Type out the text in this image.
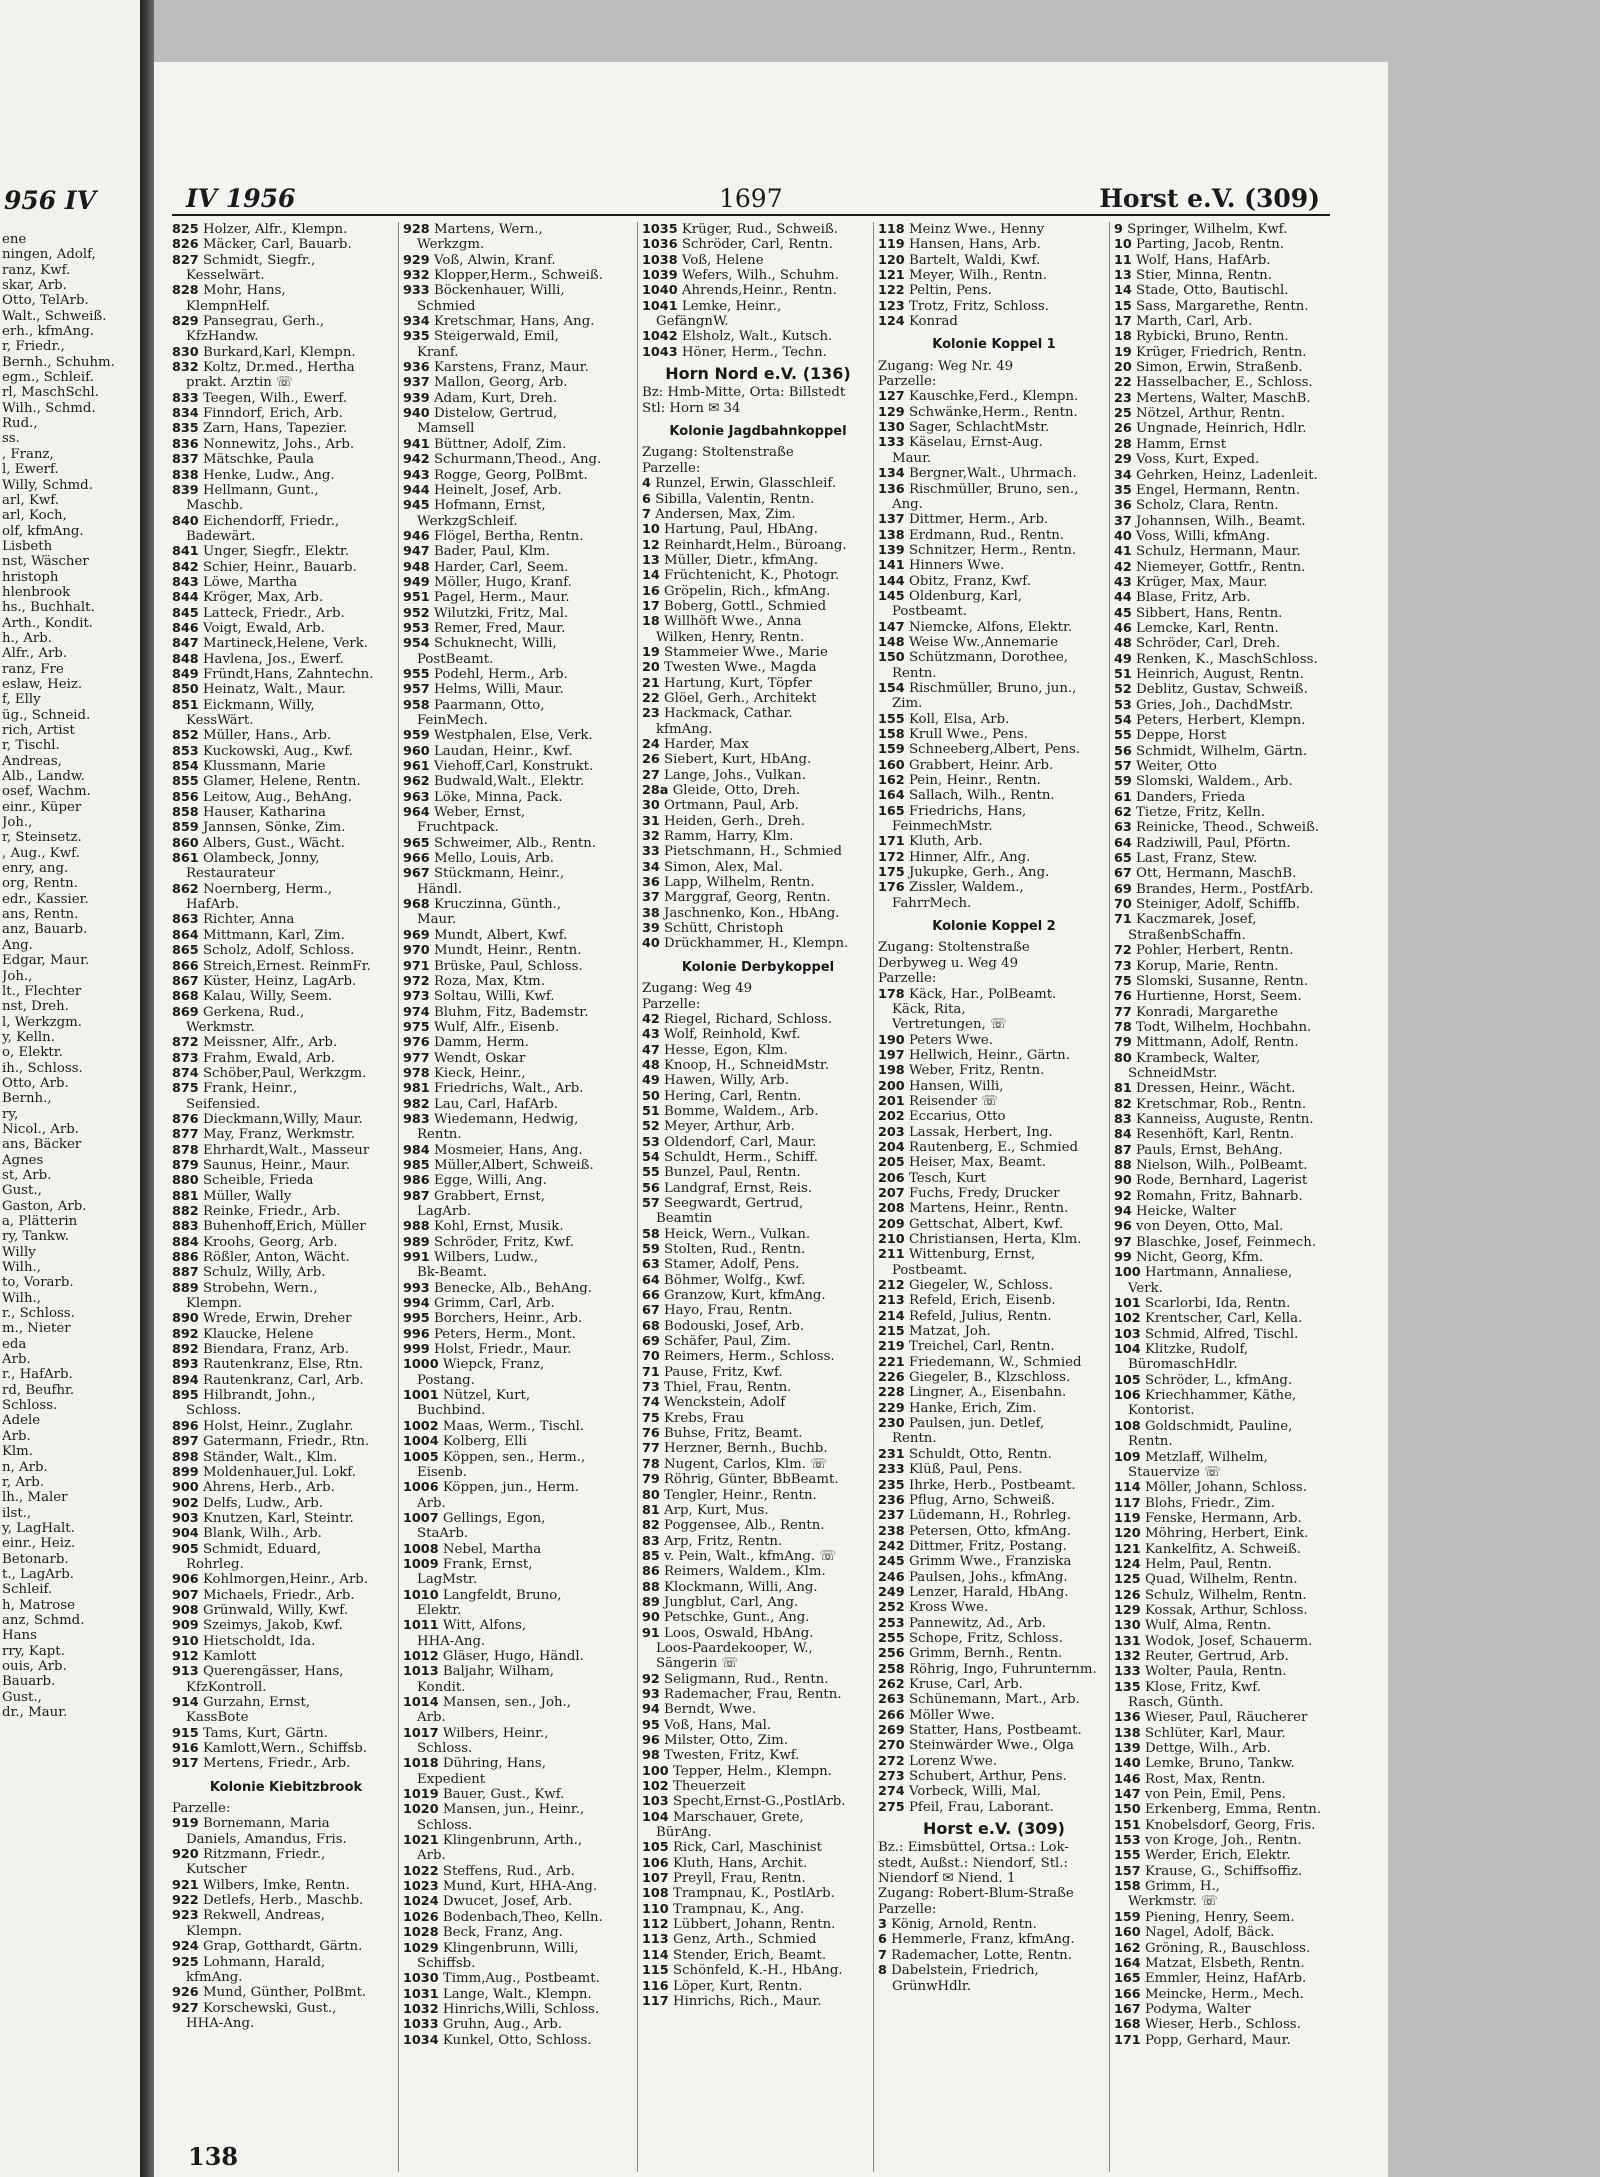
956 IV
ene
ningen, Adolf,
ranz, Kwf.
skar, Arb.
Otto, TelArb.
Walt., Schweiß.
erh., kfmAng.
r, Friedr.,
Bernh., Schuhm.
egm., Schleif.
rl, MaschSchl.
Wilh., Schmd.
Rud.,
ss.
, Franz,
l, Ewerf.
Willy, Schmd.
arl, Kwf.
arl, Koch,
olf, kfmAng.
Lisbeth
nst, Wäscher
hristoph
hlenbrook
hs., Buchhalt.
Arth., Kondit.
h., Arb.
Alfr., Arb.
ranz, Fre
eslaw, Heiz.
f, Elly
üg., Schneid.
rich, Artist
r, Tischl.
Andreas,
Alb., Landw.
osef, Wachm.
einr., Küper
Joh.,
r, Steinsetz.
, Aug., Kwf.
enry, ang.
org, Rentn.
edr., Kassier.
ans, Rentn.
anz, Bauarb.
Ang.
Edgar, Maur.
Joh.,
lt., Flechter
nst, Dreh.
l, Werkzgm.
y, Kelln.
o, Elektr.
ih., Schloss.
Otto, Arb.
Bernh.,
ry,
Nicol., Arb.
ans, Bäcker
Agnes
st, Arb.
Gust.,
Gaston, Arb.
a, Plätterin
ry, Tankw.
Willy
Wilh.,
to, Vorarb.
Wilh.,
r., Schloss.
m., Nieter
eda
Arb.
r., HafArb.
rd, Beufhr.
Schloss.
Adele
Arb.
Klm.
n, Arb.
r, Arb.
lh., Maler
ilst.,
y, LagHalt.
einr., Heiz.
Betonarb.
t., LagArb.
Schleif.
h, Matrose
anz, Schmd.
Hans
rry, Kapt.
ouis, Arb.
Bauarb.
Gust.,
dr., Maur.
IV 1956	1697	Horst e.V. (309)
825 Holzer, Alfr., Klempn.
826 Mäcker, Carl, Bauarb.
827 Schmidt, Siegfr.,
Kesselwärt.
828 Mohr, Hans,
KlempnHelf.
829 Pansegrau, Gerh.,
KfzHandw.
830 Burkard,Karl, Klempn.
832 Koltz, Dr.med., Hertha
prakt. Arztin ☏
833 Teegen, Wilh., Ewerf.
834 Finndorf, Erich, Arb.
835 Zarn, Hans, Tapezier.
836 Nonnewitz, Johs., Arb.
837 Mätschke, Paula
838 Henke, Ludw., Ang.
839 Hellmann, Gunt.,
Maschb.
840 Eichendorff, Friedr.,
Badewärt.
841 Unger, Siegfr., Elektr.
842 Schier, Heinr., Bauarb.
843 Löwe, Martha
844 Kröger, Max, Arb.
845 Latteck, Friedr., Arb.
846 Voigt, Ewald, Arb.
847 Martineck,Helene, Verk.
848 Havlena, Jos., Ewerf.
849 Fründt,Hans, Zahntechn.
850 Heinatz, Walt., Maur.
851 Eickmann, Willy,
KessWärt.
852 Müller, Hans., Arb.
853 Kuckowski, Aug., Kwf.
854 Klussmann, Marie
855 Glamer, Helene, Rentn.
856 Leitow, Aug., BehAng.
858 Hauser, Katharina
859 Jannsen, Sönke, Zim.
860 Albers, Gust., Wächt.
861 Olambeck, Jonny,
Restaurateur
862 Noernberg, Herm.,
HafArb.
863 Richter, Anna
864 Mittmann, Karl, Zim.
865 Scholz, Adolf, Schloss.
866 Streich,Ernest. ReinmFr.
867 Küster, Heinz, LagArb.
868 Kalau, Willy, Seem.
869 Gerkena, Rud.,
Werkmstr.
872 Meissner, Alfr., Arb.
873 Frahm, Ewald, Arb.
874 Schöber,Paul, Werkzgm.
875 Frank, Heinr.,
Seifensied.
876 Dieckmann,Willy, Maur.
877 May, Franz, Werkmstr.
878 Ehrhardt,Walt., Masseur
879 Saunus, Heinr., Maur.
880 Scheible, Frieda
881 Müller, Wally
882 Reinke, Friedr., Arb.
883 Buhenhoff,Erich, Müller
884 Kroohs, Georg, Arb.
886 Rößler, Anton, Wächt.
887 Schulz, Willy, Arb.
889 Strobehn, Wern.,
Klempn.
890 Wrede, Erwin, Dreher
892 Klaucke, Helene
892 Biendara, Franz, Arb.
893 Rautenkranz, Else, Rtn.
894 Rautenkranz, Carl, Arb.
895 Hilbrandt, John.,
Schloss.
896 Holst, Heinr., Zuglahr.
897 Gatermann, Friedr., Rtn.
898 Ständer, Walt., Klm.
899 Moldenhauer,Jul. Lokf.
900 Ahrens, Herb., Arb.
902 Delfs, Ludw., Arb.
903 Knutzen, Karl, Steintr.
904 Blank, Wilh., Arb.
905 Schmidt, Eduard,
Rohrleg.
906 Kohlmorgen,Heinr., Arb.
907 Michaels, Friedr., Arb.
908 Grünwald, Willy, Kwf.
909 Szeimys, Jakob, Kwf.
910 Hietscholdt, Ida.
912 Kamlott
913 Querengässer, Hans,
KfzKontroll.
914 Gurzahn, Ernst,
KassBote
915 Tams, Kurt, Gärtn.
916 Kamlott,Wern., Schiffsb.
917 Mertens, Friedr., Arb.
Kolonie Kiebitzbrook
Parzelle:
919 Bornemann, Maria
Daniels, Amandus, Fris.
920 Ritzmann, Friedr.,
Kutscher
921 Wilbers, Imke, Rentn.
922 Detlefs, Herb., Maschb.
923 Rekwell, Andreas,
Klempn.
924 Grap, Gotthardt, Gärtn.
925 Lohmann, Harald,
kfmAng.
926 Mund, Günther, PolBmt.
927 Korschewski, Gust.,
HHA-Ang.
928 Martens, Wern.,
Werkzgm.
929 Voß, Alwin, Kranf.
932 Klopper,Herm., Schweiß.
933 Böckenhauer, Willi,
Schmied
934 Kretschmar, Hans, Ang.
935 Steigerwald, Emil,
Kranf.
936 Karstens, Franz, Maur.
937 Mallon, Georg, Arb.
939 Adam, Kurt, Dreh.
940 Distelow, Gertrud,
Mamsell
941 Büttner, Adolf, Zim.
942 Schurmann,Theod., Ang.
943 Rogge, Georg, PolBmt.
944 Heinelt, Josef, Arb.
945 Hofmann, Ernst,
WerkzgSchleif.
946 Flögel, Bertha, Rentn.
947 Bader, Paul, Klm.
948 Harder, Carl, Seem.
949 Möller, Hugo, Kranf.
951 Pagel, Herm., Maur.
952 Wilutzki, Fritz, Mal.
953 Remer, Fred, Maur.
954 Schuknecht, Willi,
PostBeamt.
955 Podehl, Herm., Arb.
957 Helms, Willi, Maur.
958 Paarmann, Otto,
FeinMech.
959 Westphalen, Else, Verk.
960 Laudan, Heinr., Kwf.
961 Viehoff,Carl, Konstrukt.
962 Budwald,Walt., Elektr.
963 Löke, Minna, Pack.
964 Weber, Ernst,
Fruchtpack.
965 Schweimer, Alb., Rentn.
966 Mello, Louis, Arb.
967 Stückmann, Heinr.,
Händl.
968 Kruczinna, Günth.,
Maur.
969 Mundt, Albert, Kwf.
970 Mundt, Heinr., Rentn.
971 Brüske, Paul, Schloss.
972 Roza, Max, Ktm.
973 Soltau, Willi, Kwf.
974 Bluhm, Fitz, Bademstr.
975 Wulf, Alfr., Eisenb.
976 Damm, Herm.
977 Wendt, Oskar
978 Kieck, Heinr.,
981 Friedrichs, Walt., Arb.
982 Lau, Carl, HafArb.
983 Wiedemann, Hedwig,
Rentn.
984 Mosmeier, Hans, Ang.
985 Müller,Albert, Schweiß.
986 Egge, Willi, Ang.
987 Grabbert, Ernst,
LagArb.
988 Kohl, Ernst, Musik.
989 Schröder, Fritz, Kwf.
991 Wilbers, Ludw.,
Bk-Beamt.
993 Benecke, Alb., BehAng.
994 Grimm, Carl, Arb.
995 Borchers, Heinr., Arb.
996 Peters, Herm., Mont.
999 Holst, Friedr., Maur.
1000 Wiepck, Franz,
Postang.
1001 Nützel, Kurt,
Buchbind.
1002 Maas, Werm., Tischl.
1004 Kolberg, Elli
1005 Köppen, sen., Herm.,
Eisenb.
1006 Köppen, jun., Herm.
Arb.
1007 Gellings, Egon,
StaArb.
1008 Nebel, Martha
1009 Frank, Ernst,
LagMstr.
1010 Langfeldt, Bruno,
Elektr.
1011 Witt, Alfons,
HHA-Ang.
1012 Gläser, Hugo, Händl.
1013 Baljahr, Wilham,
Kondit.
1014 Mansen, sen., Joh.,
Arb.
1017 Wilbers, Heinr.,
Schloss.
1018 Dühring, Hans,
Expedient
1019 Bauer, Gust., Kwf.
1020 Mansen, jun., Heinr.,
Schloss.
1021 Klingenbrunn, Arth.,
Arb.
1022 Steffens, Rud., Arb.
1023 Mund, Kurt, HHA-Ang.
1024 Dwucet, Josef, Arb.
1026 Bodenbach,Theo, Kelln.
1028 Beck, Franz, Ang.
1029 Klingenbrunn, Willi,
Schiffsb.
1030 Timm,Aug., Postbeamt.
1031 Lange, Walt., Klempn.
1032 Hinrichs,Willi, Schloss.
1033 Gruhn, Aug., Arb.
1034 Kunkel, Otto, Schloss.
1035 Krüger, Rud., Schweiß.
1036 Schröder, Carl, Rentn.
1038 Voß, Helene
1039 Wefers, Wilh., Schuhm.
1040 Ahrends,Heinr., Rentn.
1041 Lemke, Heinr.,
GefängnW.
1042 Elsholz, Walt., Kutsch.
1043 Höner, Herm., Techn.
Horn Nord e.V. (136)
Bz: Hmb-Mitte, Orta: Billstedt
Stl: Horn ✉ 34
Kolonie Jagdbahnkoppel
Zugang: Stoltenstraße
Parzelle:
4 Runzel, Erwin, Glasschleif.
6 Sibilla, Valentin, Rentn.
7 Andersen, Max, Zim.
10 Hartung, Paul, HbAng.
12 Reinhardt,Helm., Büroang.
13 Müller, Dietr., kfmAng.
14 Früchtenicht, K., Photogr.
16 Gröpelin, Rich., kfmAng.
17 Boberg, Gottl., Schmied
18 Willhöft Wwe., Anna
Wilken, Henry, Rentn.
19 Stammeier Wwe., Marie
20 Twesten Wwe., Magda
21 Hartung, Kurt, Töpfer
22 Glöel, Gerh., Architekt
23 Hackmack, Cathar.
kfmAng.
24 Harder, Max
26 Siebert, Kurt, HbAng.
27 Lange, Johs., Vulkan.
28a Gleide, Otto, Dreh.
30 Ortmann, Paul, Arb.
31 Heiden, Gerh., Dreh.
32 Ramm, Harry, Klm.
33 Pietschmann, H., Schmied
34 Simon, Alex, Mal.
36 Lapp, Wilhelm, Rentn.
37 Marggraf, Georg, Rentn.
38 Jaschnenko, Kon., HbAng.
39 Schütt, Christoph
40 Drückhammer, H., Klempn.
Kolonie Derbykoppel
Zugang: Weg 49
Parzelle:
42 Riegel, Richard, Schloss.
43 Wolf, Reinhold, Kwf.
47 Hesse, Egon, Klm.
48 Knoop, H., SchneidMstr.
49 Hawen, Willy, Arb.
50 Hering, Carl, Rentn.
51 Bomme, Waldem., Arb.
52 Meyer, Arthur, Arb.
53 Oldendorf, Carl, Maur.
54 Schuldt, Herm., Schiff.
55 Bunzel, Paul, Rentn.
56 Landgraf, Ernst, Reis.
57 Seegwardt, Gertrud,
Beamtin
58 Heick, Wern., Vulkan.
59 Stolten, Rud., Rentn.
63 Stamer, Adolf, Pens.
64 Böhmer, Wolfg., Kwf.
66 Granzow, Kurt, kfmAng.
67 Hayo, Frau, Rentn.
68 Bodouski, Josef, Arb.
69 Schäfer, Paul, Zim.
70 Reimers, Herm., Schloss.
71 Pause, Fritz, Kwf.
73 Thiel, Frau, Rentn.
74 Wenckstein, Adolf
75 Krebs, Frau
76 Buhse, Fritz, Beamt.
77 Herzner, Bernh., Buchb.
78 Nugent, Carlos, Klm. ☏
79 Röhrig, Günter, BbBeamt.
80 Tengler, Heinr., Rentn.
81 Arp, Kurt, Mus.
82 Poggensee, Alb., Rentn.
83 Arp, Fritz, Rentn.
85 v. Pein, Walt., kfmAng. ☏
86 Reimers, Waldem., Klm.
88 Klockmann, Willi, Ang.
89 Jungblut, Carl, Ang.
90 Petschke, Gunt., Ang.
91 Loos, Oswald, HbAng.
Loos-Paardekooper, W.,
Sängerin ☏
92 Seligmann, Rud., Rentn.
93 Rademacher, Frau, Rentn.
94 Berndt, Wwe.
95 Voß, Hans, Mal.
96 Milster, Otto, Zim.
98 Twesten, Fritz, Kwf.
100 Tepper, Helm., Klempn.
102 Theuerzeit
103 Specht,Ernst-G.,PostlArb.
104 Marschauer, Grete,
BürAng.
105 Rick, Carl, Maschinist
106 Kluth, Hans, Archit.
107 Preyll, Frau, Rentn.
108 Trampnau, K., PostlArb.
110 Trampnau, K., Ang.
112 Lübbert, Johann, Rentn.
113 Genz, Arth., Schmied
114 Stender, Erich, Beamt.
115 Schönfeld, K.-H., HbAng.
116 Löper, Kurt, Rentn.
117 Hinrichs, Rich., Maur.
118 Meinz Wwe., Henny
119 Hansen, Hans, Arb.
120 Bartelt, Waldi, Kwf.
121 Meyer, Wilh., Rentn.
122 Peltin, Pens.
123 Trotz, Fritz, Schloss.
124 Konrad
Kolonie Koppel 1
Zugang: Weg Nr. 49
Parzelle:
127 Kauschke,Ferd., Klempn.
129 Schwänke,Herm., Rentn.
130 Sager, SchlachtMstr.
133 Käselau, Ernst-Aug.
Maur.
134 Bergner,Walt., Uhrmach.
136 Rischmüller, Bruno, sen.,
Ang.
137 Dittmer, Herm., Arb.
138 Erdmann, Rud., Rentn.
139 Schnitzer, Herm., Rentn.
141 Hinners Wwe.
144 Obitz, Franz, Kwf.
145 Oldenburg, Karl,
Postbeamt.
147 Niemcke, Alfons, Elektr.
148 Weise Ww.,Annemarie
150 Schützmann, Dorothee,
Rentn.
154 Rischmüller, Bruno, jun.,
Zim.
155 Koll, Elsa, Arb.
158 Krull Wwe., Pens.
159 Schneeberg,Albert, Pens.
160 Grabbert, Heinr. Arb.
162 Pein, Heinr., Rentn.
164 Sallach, Wilh., Rentn.
165 Friedrichs, Hans,
FeinmechMstr.
171 Kluth, Arb.
172 Hinner, Alfr., Ang.
175 Jukupke, Gerh., Ang.
176 Zissler, Waldem.,
FahrrMech.
Kolonie Koppel 2
Zugang: Stoltenstraße
Derbyweg u. Weg 49
Parzelle:
178 Käck, Har., PolBeamt.
Käck, Rita,
Vertretungen, ☏
190 Peters Wwe.
197 Hellwich, Heinr., Gärtn.
198 Weber, Fritz, Rentn.
200 Hansen, Willi,
201 Reisender ☏
202 Eccarius, Otto
203 Lassak, Herbert, Ing.
204 Rautenberg, E., Schmied
205 Heiser, Max, Beamt.
206 Tesch, Kurt
207 Fuchs, Fredy, Drucker
208 Martens, Heinr., Rentn.
209 Gettschat, Albert, Kwf.
210 Christiansen, Herta, Klm.
211 Wittenburg, Ernst,
Postbeamt.
212 Giegeler, W., Schloss.
213 Refeld, Erich, Eisenb.
214 Refeld, Julius, Rentn.
215 Matzat, Joh.
219 Treichel, Carl, Rentn.
221 Friedemann, W., Schmied
226 Giegeler, B., Klzschloss.
228 Lingner, A., Eisenbahn.
229 Hanke, Erich, Zim.
230 Paulsen, jun. Detlef,
Rentn.
231 Schuldt, Otto, Rentn.
233 Klüß, Paul, Pens.
235 Ihrke, Herb., Postbeamt.
236 Pflug, Arno, Schweiß.
237 Lüdemann, H., Rohrleg.
238 Petersen, Otto, kfmAng.
242 Dittmer, Fritz, Postang.
245 Grimm Wwe., Franziska
246 Paulsen, Johs., kfmAng.
249 Lenzer, Harald, HbAng.
252 Kross Wwe.
253 Pannewitz, Ad., Arb.
255 Schope, Fritz, Schloss.
256 Grimm, Bernh., Rentn.
258 Röhrig, Ingo, Fuhrunternm.
262 Kruse, Carl, Arb.
263 Schünemann, Mart., Arb.
266 Möller Wwe.
269 Statter, Hans, Postbeamt.
270 Steinwärder Wwe., Olga
272 Lorenz Wwe.
273 Schubert, Arthur, Pens.
274 Vorbeck, Willi, Mal.
275 Pfeil, Frau, Laborant.
Horst e.V. (309)
Bz.: Eimsbüttel, Ortsa.: Lok-
stedt, Außst.: Niendorf, Stl.:
Niendorf ✉ Niend. 1
Zugang: Robert-Blum-Straße
Parzelle:
3 König, Arnold, Rentn.
6 Hemmerle, Franz, kfmAng.
7 Rademacher, Lotte, Rentn.
8 Dabelstein, Friedrich,
GrünwHdlr.
9 Springer, Wilhelm, Kwf.
10 Parting, Jacob, Rentn.
11 Wolf, Hans, HafArb.
13 Stier, Minna, Rentn.
14 Stade, Otto, Bautischl.
15 Sass, Margarethe, Rentn.
17 Marth, Carl, Arb.
18 Rybicki, Bruno, Rentn.
19 Krüger, Friedrich, Rentn.
20 Simon, Erwin, Straßenb.
22 Hasselbacher, E., Schloss.
23 Mertens, Walter, MaschB.
25 Nötzel, Arthur, Rentn.
26 Ungnade, Heinrich, Hdlr.
28 Hamm, Ernst
29 Voss, Kurt, Exped.
34 Gehrken, Heinz, Ladenleit.
35 Engel, Hermann, Rentn.
36 Scholz, Clara, Rentn.
37 Johannsen, Wilh., Beamt.
40 Voss, Willi, kfmAng.
41 Schulz, Hermann, Maur.
42 Niemeyer, Gottfr., Rentn.
43 Krüger, Max, Maur.
44 Blase, Fritz, Arb.
45 Sibbert, Hans, Rentn.
46 Lemcke, Karl, Rentn.
48 Schröder, Carl, Dreh.
49 Renken, K., MaschSchloss.
51 Heinrich, August, Rentn.
52 Deblitz, Gustav, Schweiß.
53 Gries, Joh., DachdMstr.
54 Peters, Herbert, Klempn.
55 Deppe, Horst
56 Schmidt, Wilhelm, Gärtn.
57 Weiter, Otto
59 Slomski, Waldem., Arb.
61 Danders, Frieda
62 Tietze, Fritz, Kelln.
63 Reinicke, Theod., Schweiß.
64 Radziwill, Paul, Pförtn.
65 Last, Franz, Stew.
67 Ott, Hermann, MaschB.
69 Brandes, Herm., PostfArb.
70 Steiniger, Adolf, Schiffb.
71 Kaczmarek, Josef,
StraßenbSchaffn.
72 Pohler, Herbert, Rentn.
73 Korup, Marie, Rentn.
75 Slomski, Susanne, Rentn.
76 Hurtienne, Horst, Seem.
77 Konradi, Margarethe
78 Todt, Wilhelm, Hochbahn.
79 Mittmann, Adolf, Rentn.
80 Krambeck, Walter,
SchneidMstr.
81 Dressen, Heinr., Wächt.
82 Kretschmar, Rob., Rentn.
83 Kanneiss, Auguste, Rentn.
84 Resenhöft, Karl, Rentn.
87 Pauls, Ernst, BehAng.
88 Nielson, Wilh., PolBeamt.
90 Rode, Bernhard, Lagerist
92 Romahn, Fritz, Bahnarb.
94 Heicke, Walter
96 von Deyen, Otto, Mal.
97 Blaschke, Josef, Feinmech.
99 Nicht, Georg, Kfm.
100 Hartmann, Annaliese,
Verk.
101 Scarlorbi, Ida, Rentn.
102 Krentscher, Carl, Kella.
103 Schmid, Alfred, Tischl.
104 Klitzke, Rudolf,
BüromaschHdlr.
105 Schröder, L., kfmAng.
106 Kriechhammer, Käthe,
Kontorist.
108 Goldschmidt, Pauline,
Rentn.
109 Metzlaff, Wilhelm,
Stauervize ☏
114 Möller, Johann, Schloss.
117 Blohs, Friedr., Zim.
119 Fenske, Hermann, Arb.
120 Möhring, Herbert, Eink.
121 Kankelfitz, A. Schweiß.
124 Helm, Paul, Rentn.
125 Quad, Wilhelm, Rentn.
126 Schulz, Wilhelm, Rentn.
129 Kossak, Arthur, Schloss.
130 Wulf, Alma, Rentn.
131 Wodok, Josef, Schauerm.
132 Reuter, Gertrud, Arb.
133 Wolter, Paula, Rentn.
135 Klose, Fritz, Kwf.
Rasch, Günth.
136 Wieser, Paul, Räucherer
138 Schlüter, Karl, Maur.
139 Dettge, Wilh., Arb.
140 Lemke, Bruno, Tankw.
146 Rost, Max, Rentn.
147 von Pein, Emil, Pens.
150 Erkenberg, Emma, Rentn.
151 Knobelsdorf, Georg, Fris.
153 von Kroge, Joh., Rentn.
155 Werder, Erich, Elektr.
157 Krause, G., Schiffsoffiz.
158 Grimm, H.,
Werkmstr. ☏
159 Piening, Henry, Seem.
160 Nagel, Adolf, Bäck.
162 Gröning, R., Bauschloss.
164 Matzat, Elsbeth, Rentn.
165 Emmler, Heinz, HafArb.
166 Meincke, Herm., Mech.
167 Podyma, Walter
168 Wieser, Herb., Schloss.
171 Popp, Gerhard, Maur.
138
